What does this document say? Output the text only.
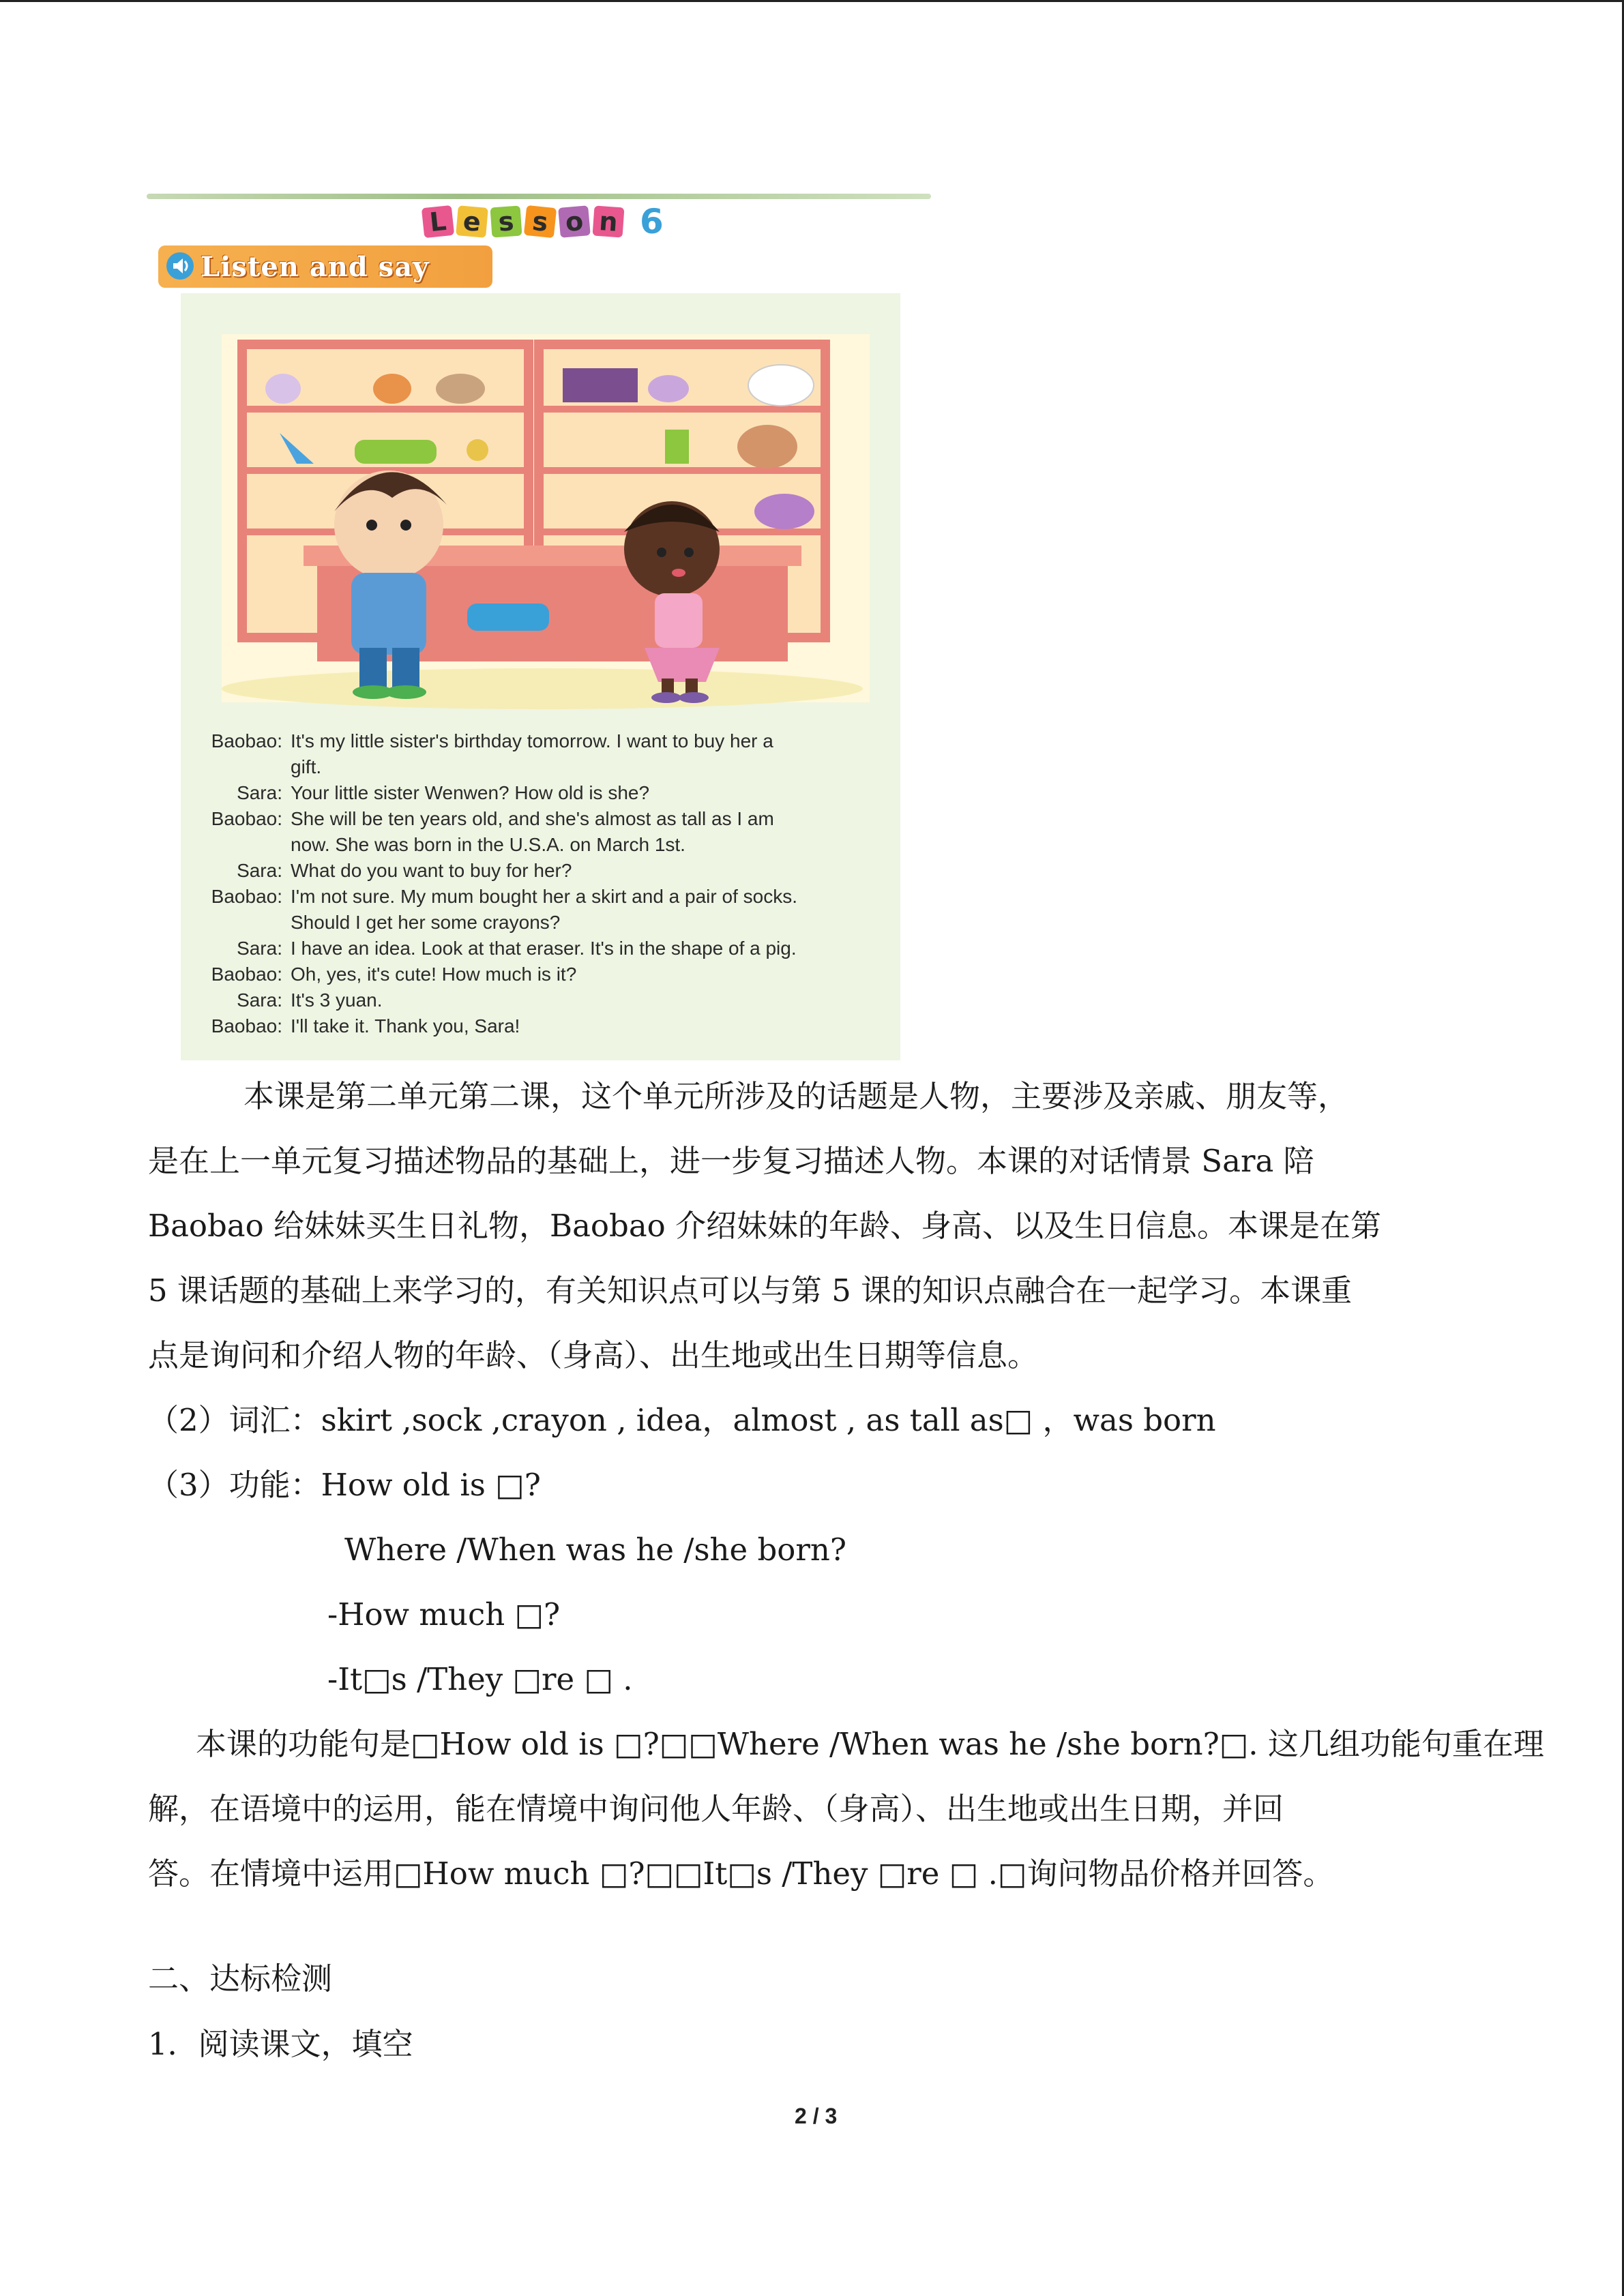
L e s s o n 6
Listen and say
Baobao: It's my little sister's birthday tomorrow. I want to buy her a
gift.
Sara: Your little sister Wenwen? How old is she?
Baobao: She will be ten years old, and she's almost as tall as I am
now. She was born in the U.S.A. on March 1st.
Sara: What do you want to buy for her?
Baobao: I'm not sure. My mum bought her a skirt and a pair of socks.
Should I get her some crayons?
Sara: I have an idea. Look at that eraser. It's in the shape of a pig.
Baobao: Oh, yes, it's cute! How much is it?
Sara: It's 3 yuan.
Baobao: I'll take it. Thank you, Sara!
本课是第二单元第二课，这个单元所涉及的话题是人物，主要涉及亲戚、朋友等，
是在上一单元复习描述物品的基础上，进一步复习描述人物。本课的对话情景 Sara 陪
Baobao 给妹妹买生日礼物，Baobao 介绍妹妹的年龄、身高、以及生日信息。本课是在第
5 课话题的基础上来学习的，有关知识点可以与第 5 课的知识点融合在一起学习。本课重
点是询问和介绍人物的年龄、（身高）、出生地或出生日期等信息。
（2）词汇：skirt ,sock ,crayon , idea，almost , as tall as□ ，was born
（3）功能：How old is □?
Where /When was he /she born?
-How much □?
-It□s /They □re □ .
本课的功能句是□How old is □?□□Where /When was he /she born?□. 这几组功能句重在理
解，在语境中的运用，能在情境中询问他人年龄、（身高）、出生地或出生日期，并回
答。在情境中运用□How much □?□□It□s /They □re □ .□询问物品价格并回答。
二、达标检测
1．阅读课文，填空
2 / 3
